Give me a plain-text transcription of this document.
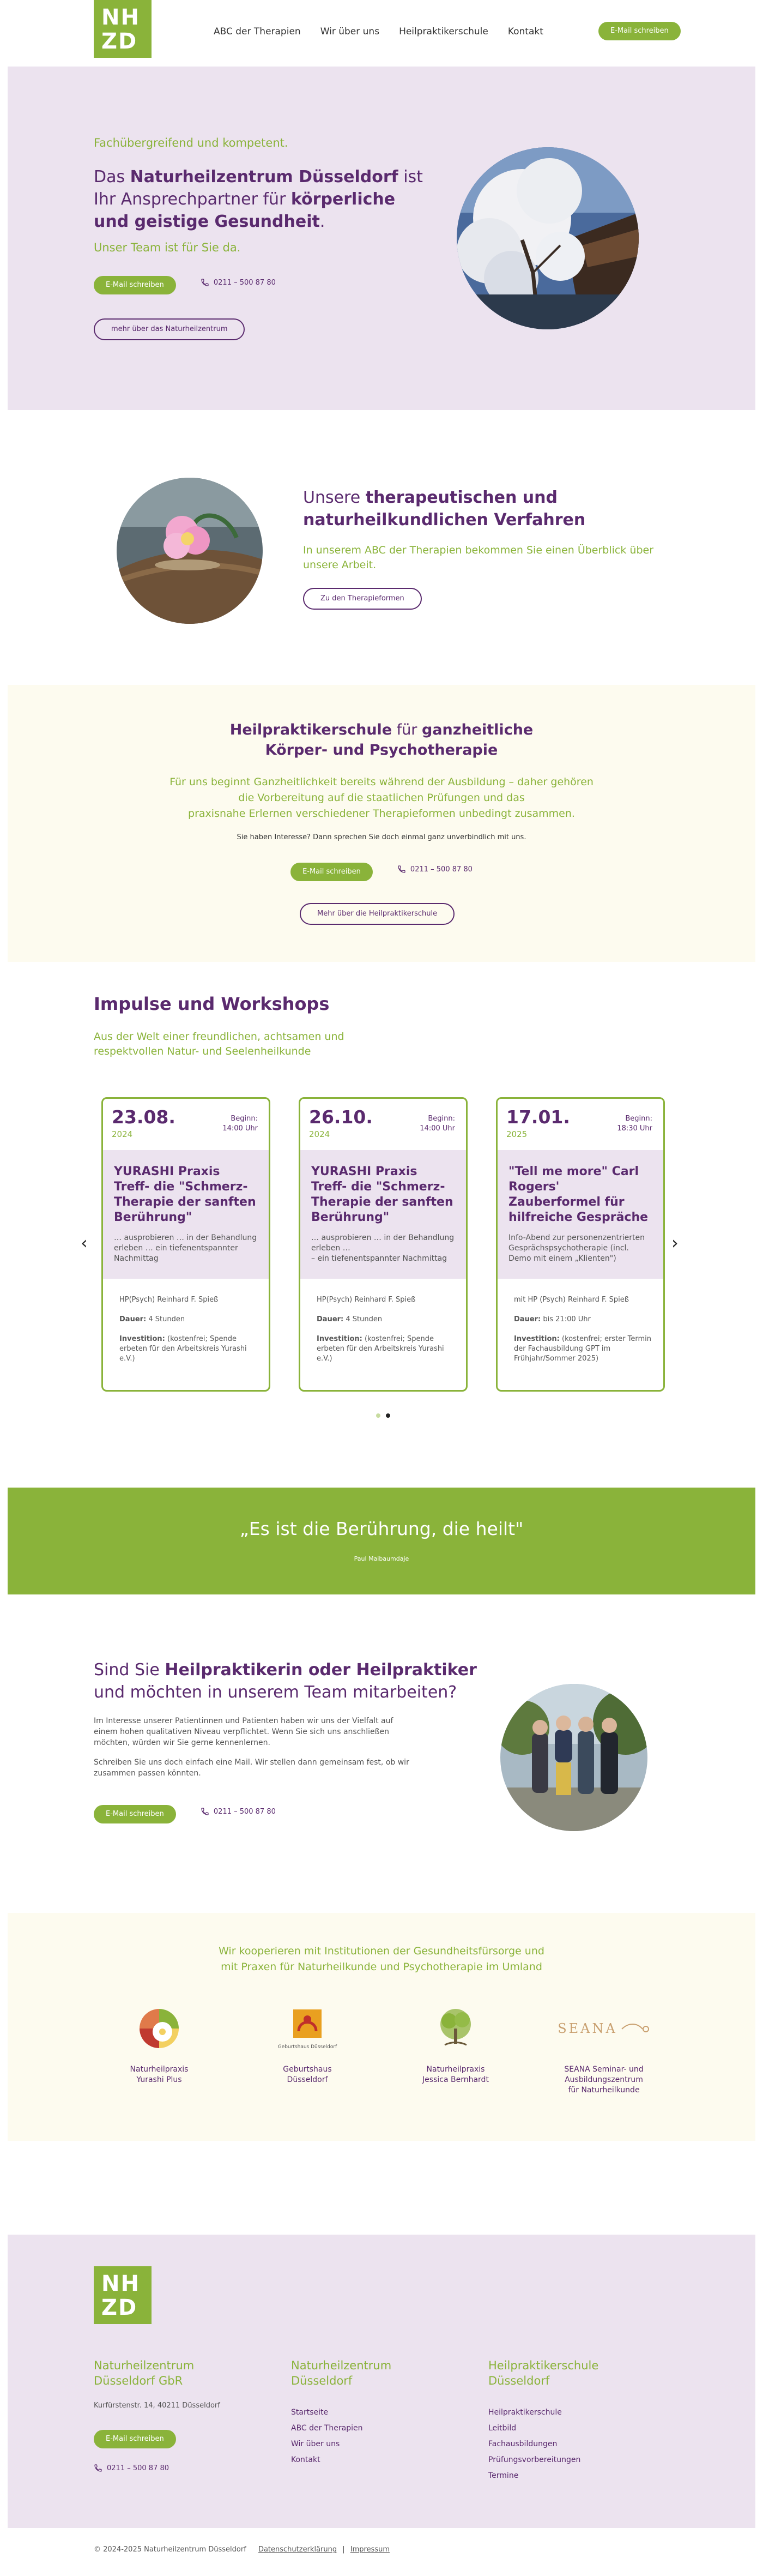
NH
ZD	ABC der Therapien Wir über uns Heilpraktikerschule Kontakt	E-Mail schreiben
Fachübergreifend und kompetent.
Das Naturheilzentrum Düsseldorf ist Ihr Ansprechpartner für körperliche und geistige Gesundheit.
Unser Team ist für Sie da.
E-Mail schreiben	0211 – 500 87 80
mehr über das Naturheilzentrum
Unsere therapeutischen und naturheilkundlichen Verfahren

In unserem ABC der Therapien bekommen Sie einen Überblick über unsere Arbeit.

Zu den Therapieformen
Heilpraktikerschule für ganzheitliche
Körper- und Psychotherapie
Für uns beginnt Ganzheitlichkeit bereits während der Ausbildung – daher gehören
die Vorbereitung auf die staatlichen Prüfungen und das
praxisnahe Erlernen verschiedener Therapieformen unbedingt zusammen.
Sie haben Interesse? Dann sprechen Sie doch einmal ganz unverbindlich mit uns.
E-Mail schreiben	0211 – 500 87 80
Mehr über die Heilpraktikerschule
Impulse und Workshops
Aus der Welt einer freundlichen, achtsamen und respektvollen Natur- und Seelenheilkunde
‹	›
23.08.
2024
Beginn:
14:00 Uhr
YURASHI Praxis Treff- die "Schmerz-Therapie der sanften Berührung"

… ausprobieren … in der Behandlung erleben … ein tiefenentspannter Nachmittag

HP(Psych) Reinhard F. Spieß
Dauer: 4 Stunden
Investition: (kostenfrei; Spende erbeten für den Arbeitskreis Yurashi e.V.)
26.10.
2024
Beginn:
14:00 Uhr
YURASHI Praxis Treff- die "Schmerz-Therapie der sanften Berührung"

… ausprobieren … in der Behandlung erleben …
– ein tiefenentspannter Nachmittag

HP(Psych) Reinhard F. Spieß
Dauer: 4 Stunden
Investition: (kostenfrei; Spende erbeten für den Arbeitskreis Yurashi e.V.)
17.01.
2025
Beginn:
18:30 Uhr
"Tell me more" Carl Rogers' Zauberformel für hilfreiche Gespräche

Info-Abend zur personenzentrierten Gesprächspsychotherapie (incl. Demo mit einem „Klienten")

mit HP (Psych) Reinhard F. Spieß
Dauer: bis 21:00 Uhr
Investition: (kostenfrei; erster Termin der Fachausbildung GPT im Frühjahr/Sommer 2025)
„Es ist die Berührung, die heilt"
Paul Maibaumdaje
Sind Sie Heilpraktikerin oder Heilpraktiker und möchten in unserem Team mitarbeiten?

Im Interesse unserer Patientinnen und Patienten haben wir uns der Vielfalt auf einem hohen qualitativen Niveau verpflichtet. Wenn Sie sich uns anschließen möchten, würden wir Sie gerne kennenlernen.

Schreiben Sie uns doch einfach eine Mail. Wir stellen dann gemeinsam fest, ob wir zusammen passen könnten.

E-Mail schreiben	0211 – 500 87 80
Wir kooperieren mit Institutionen der Gesundheitsfürsorge und
mit Praxen für Naturheilkunde und Psychotherapie im Umland
Naturheilpraxis
Yurashi Plus
Geburtshaus Düsseldorf
Geburtshaus
Düsseldorf
Naturheilpraxis
Jessica Bernhardt
SEANA
SEANA Seminar- und
Ausbildungszentrum
für Naturheilkunde
NH
ZD
Naturheilzentrum
Düsseldorf GbR
Kurfürstenstr. 14, 40211 Düsseldorf
E-Mail schreiben
0211 – 500 87 80
Naturheilzentrum
Düsseldorf
Startseite
ABC der Therapien
Wir über uns
Kontakt
Heilpraktikerschule
Düsseldorf
Heilpraktikerschule
Leitbild
Fachausbildungen
Prüfungsvorbereitungen
Termine
© 2024-2025 Naturheilzentrum Düsseldorf Datenschutzerklärung | Impressum
